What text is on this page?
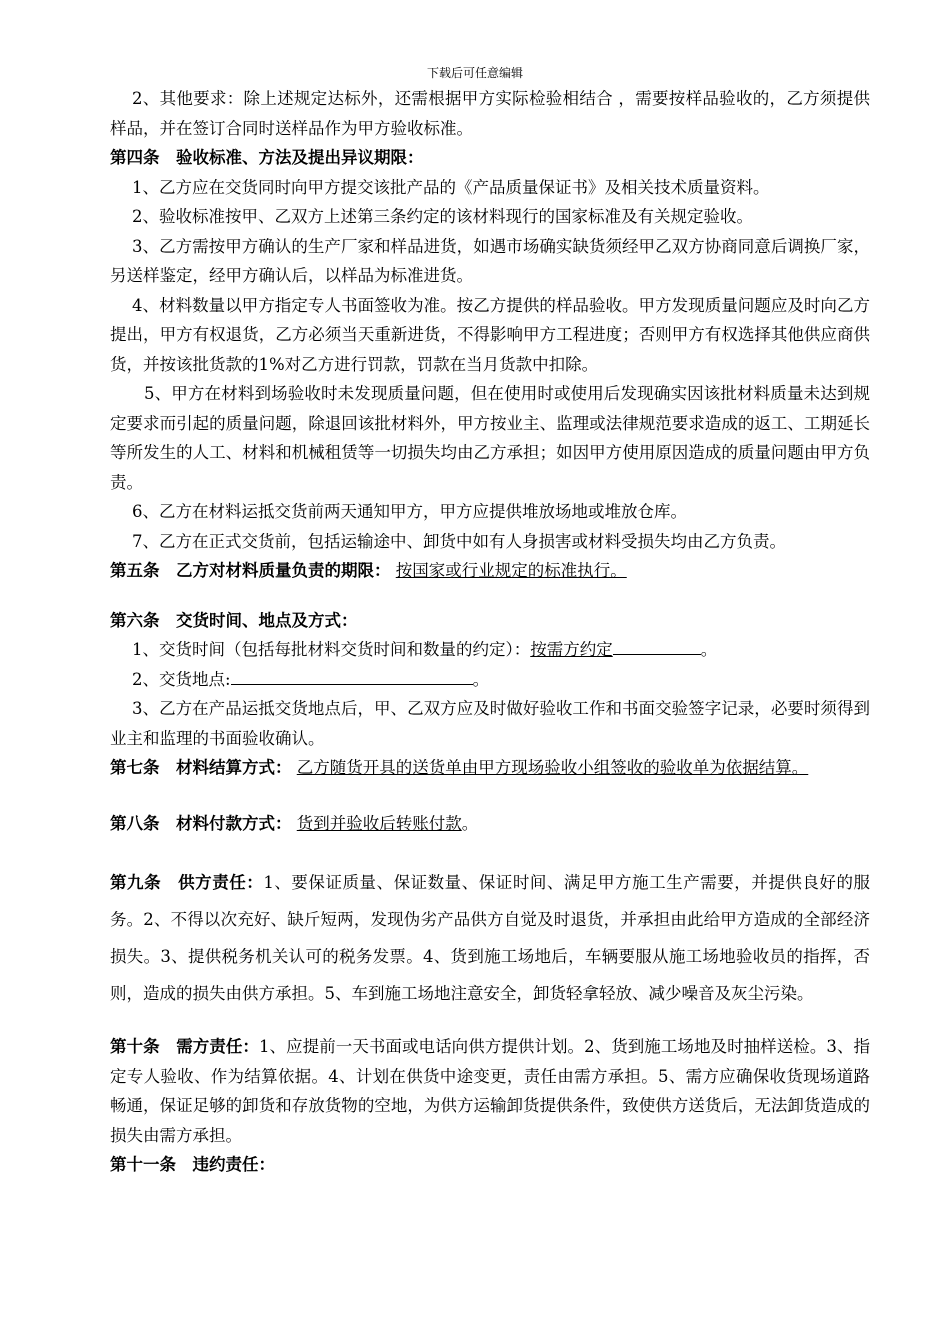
下载后可任意编辑

2、其他要求：除上述规定达标外，还需根据甲方实际检验相结合 ，需要按样品验收的，乙方须提供样品，并在签订合同时送样品作为甲方验收标准。

第四条　验收标准、方法及提出异议期限：

1、乙方应在交货同时向甲方提交该批产品的《产品质量保证书》及相关技术质量资料。

2、验收标准按甲、乙双方上述第三条约定的该材料现行的国家标准及有关规定验收。

3、乙方需按甲方确认的生产厂家和样品进货，如遇市场确实缺货须经甲乙双方协商同意后调换厂家，另送样鉴定，经甲方确认后，以样品为标准进货。

4、材料数量以甲方指定专人书面签收为准。按乙方提供的样品验收。甲方发现质量问题应及时向乙方提出，甲方有权退货，乙方必须当天重新进货，不得影响甲方工程进度；否则甲方有权选择其他供应商供货，并按该批货款的1%对乙方进行罚款，罚款在当月货款中扣除。

5、甲方在材料到场验收时未发现质量问题，但在使用时或使用后发现确实因该批材料质量未达到规定要求而引起的质量问题，除退回该批材料外，甲方按业主、监理或法律规范要求造成的返工、工期延长等所发生的人工、材料和机械租赁等一切损失均由乙方承担；如因甲方使用原因造成的质量问题由甲方负责。

6、乙方在材料运抵交货前两天通知甲方，甲方应提供堆放场地或堆放仓库。

7、乙方在正式交货前，包括运输途中、卸货中如有人身损害或材料受损失均由乙方负责。

第五条　乙方对材料质量负责的期限： 按国家或行业规定的标准执行。

第六条　交货时间、地点及方式：

1、交货时间（包括每批材料交货时间和数量的约定）：按需方约定	。

2、交货地点:	。

3、乙方在产品运抵交货地点后，甲、乙双方应及时做好验收工作和书面交验签字记录，必要时须得到业主和监理的书面验收确认。

第七条　材料结算方式： 乙方随货开具的送货单由甲方现场验收小组签收的验收单为依据结算。

第八条　材料付款方式： 货到并验收后转账付款。

第九条　供方责任：1、要保证质量、保证数量、保证时间、满足甲方施工生产需要，并提供良好的服务。2、不得以次充好、缺斤短两，发现伪劣产品供方自觉及时退货，并承担由此给甲方造成的全部经济损失。3、提供税务机关认可的税务发票。4、货到施工场地后，车辆要服从施工场地验收员的指挥，否则，造成的损失由供方承担。5、车到施工场地注意安全，卸货轻拿轻放、减少噪音及灰尘污染。

第十条　需方责任：1、应提前一天书面或电话向供方提供计划。2、货到施工场地及时抽样送检。3、指定专人验收、作为结算依据。4、计划在供货中途变更，责任由需方承担。5、需方应确保收货现场道路畅通，保证足够的卸货和存放货物的空地，为供方运输卸货提供条件，致使供方送货后，无法卸货造成的损失由需方承担。

第十一条　违约责任：
